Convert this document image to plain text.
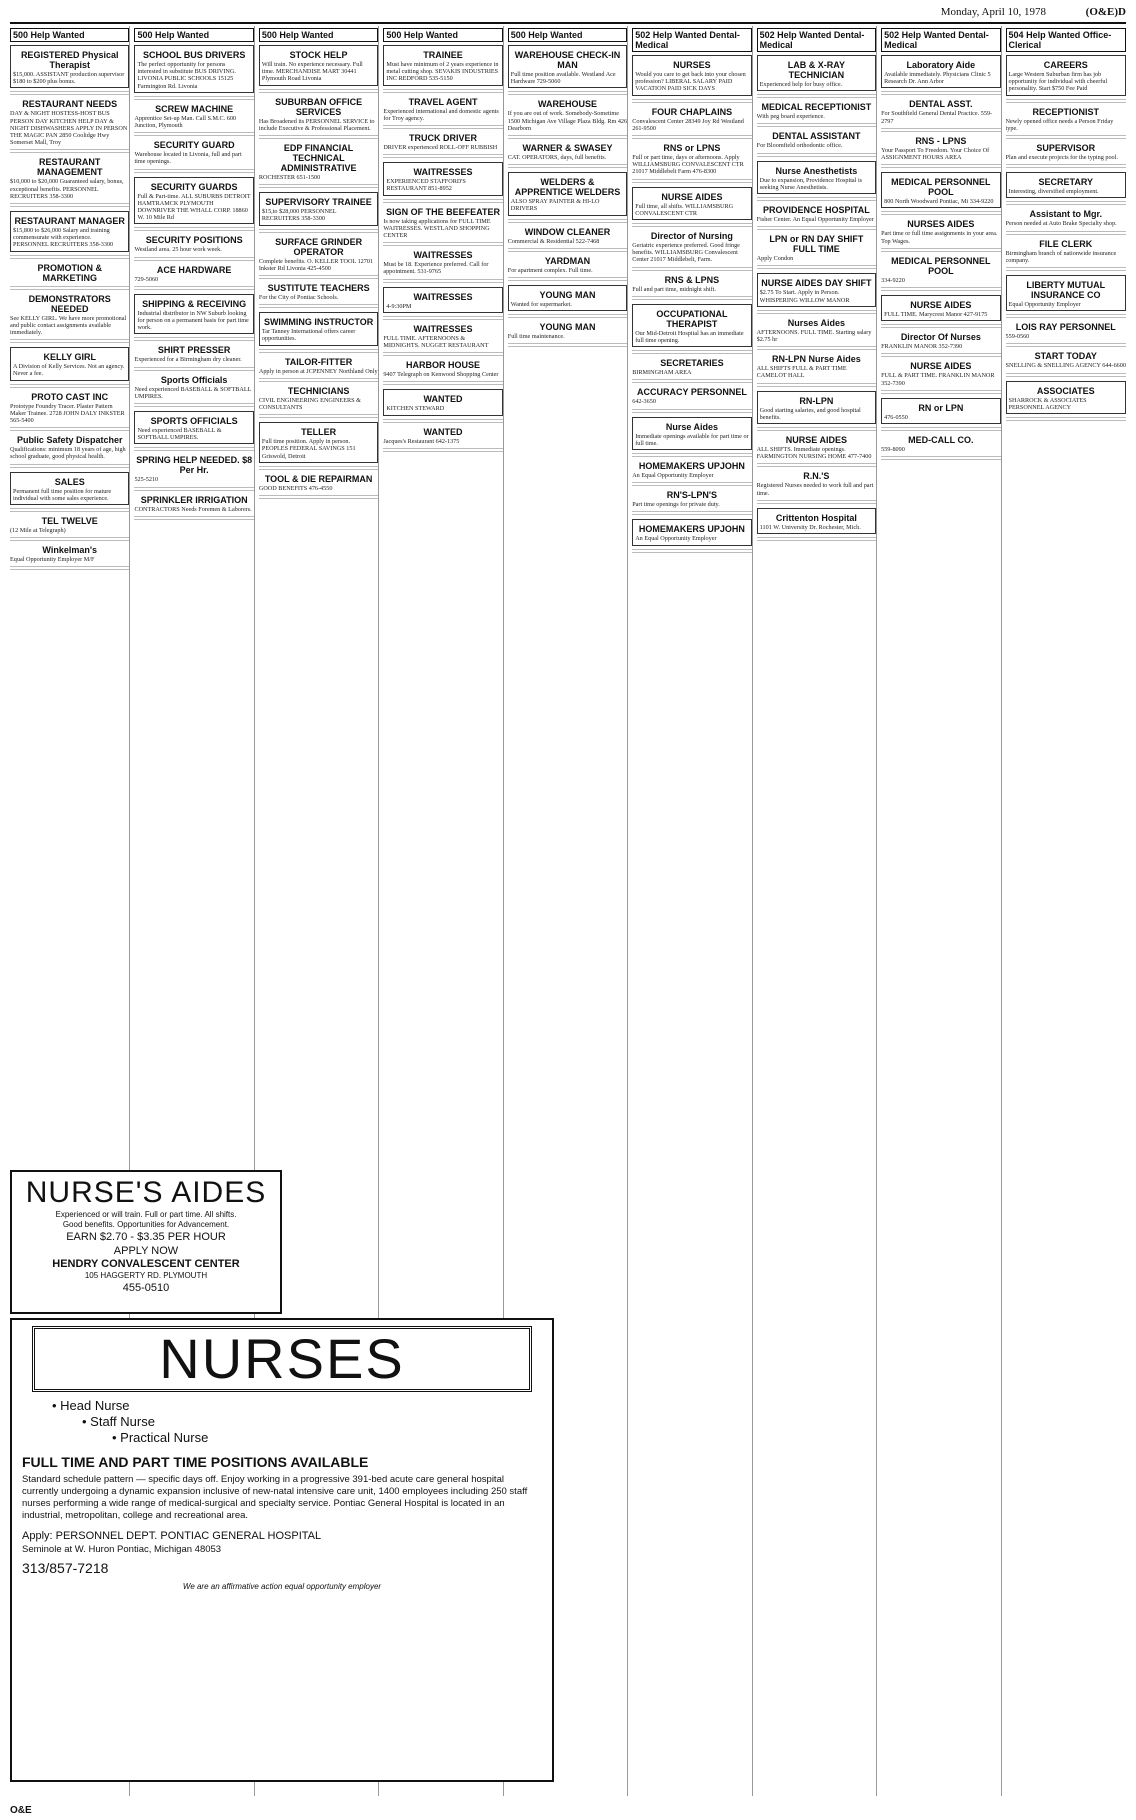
Monday, April 10, 1978	(O&E)D
500 Help Wanted
REGISTERED Physical Therapist
$15,000. ASSISTANT production supervisor $180 to $200 plus bonus.
RESTAURANT NEEDS
DAY & NIGHT HOSTESS-HOST BUS PERSON DAY KITCHEN HELP DAY & NIGHT DISHWASHERS APPLY IN PERSON THE MAGIC PAN 2850 Coolidge Hwy Somerset Mall, Troy
RESTAURANT MANAGEMENT
$10,000 to $20,000 Guaranteed salary, bonus, exceptional benefits. PERSONNEL RECRUITERS 358-3300
RESTAURANT MANAGER
$15,800 to $26,000 Salary and training commensurate with experience. PERSONNEL RECRUITERS 358-3300
PROMOTION & MARKETING
DEMONSTRATORS NEEDED
See KELLY GIRL. We have more promotional and public contact assignments available immediately.
KELLY GIRL
A Division of Kelly Services. Not an agency. Never a fee.
PROTO CAST INC
Prototype Foundry Tracer. Plaster Pattern Maker Trainee. 2728 JOHN DALY INKSTER 565-5400
Public Safety Dispatcher
Qualifications: minimum 18 years of age, high school graduate, good physical health.
SALES
Permanent full time position for mature individual with some sales experience.
TEL TWELVE
(12 Mile at Telegraph)
Winkelman's
Equal Opportunity Employer M/F
500 Help Wanted
SCHOOL BUS DRIVERS
The perfect opportunity for persons interested in substitute BUS DRIVING. LIVONIA PUBLIC SCHOOLS 15125 Farmington Rd. Livonia
SCREW MACHINE
Apprentice Set-up Man. Call S.M.C. 600 Junction, Plymouth
SECURITY GUARD
Warehouse located in Livonia, full and part time openings.
SECURITY GUARDS
Full & Part-time. ALL SUBURBS DETROIT HAMTRAMCK PLYMOUTH DOWNRIVER THE WHALL CORP. 18860 W. 10 Mile Rd
SECURITY POSITIONS
Westland area. 25 hour work week.
ACE HARDWARE
729-5060
SHIPPING & RECEIVING
Industrial distributor in NW Suburb looking for person on a permanent basis for part time work.
SHIRT PRESSER
Experienced for a Birmingham dry cleaner.
Sports Officials
Need experienced BASEBALL & SOFTBALL UMPIRES.
SPORTS OFFICIALS
Need experienced BASEBALL & SOFTBALL UMPIRES.
SPRING HELP NEEDED. $8 Per Hr.
525-5210
SPRINKLER IRRIGATION
CONTRACTORS Needs Foremen & Laborers.
500 Help Wanted
STOCK HELP
Will train. No experience necessary. Full time. MERCHANDISE MART 30441 Plymouth Road Livonia
SUBURBAN OFFICE SERVICES
Has Broadened its PERSONNEL SERVICE to include Executive & Professional Placement.
EDP FINANCIAL TECHNICAL ADMINISTRATIVE
ROCHESTER 651-1500
SUPERVISORY TRAINEE
$15,to $28,000 PERSONNEL RECRUITERS 358-3300
SURFACE GRINDER OPERATOR
Complete benefits. O. KELLER TOOL 12701 Inkster Rd Livonia 425-4500
SUSTITUTE TEACHERS
For the City of Pontiac Schools.
SWIMMING INSTRUCTOR
Tar Tanney International offers career opportunities.
TAILOR-FITTER
Apply in person at JCPENNEY Northland Only
TECHNICIANS
CIVIL ENGINEERING ENGINEERS & CONSULTANTS
TELLER
Full time position. Apply in person. PEOPLES FEDERAL SAVINGS 151 Griswold, Detroit
TOOL & DIE REPAIRMAN
GOOD BENEFITS 476-4550
500 Help Wanted
TRAINEE
Must have minimum of 2 years experience in metal cutting shop. SEVAKIS INDUSTRIES INC REDFORD 535-5150
TRAVEL AGENT
Experienced international and domestic agents for Troy agency.
TRUCK DRIVER
DRIVER experienced ROLL-OFF RUBBISH
WAITRESSES
EXPERIENCED STAFFORD'S RESTAURANT 851-8952
SIGN OF THE BEEFEATER
Is now taking applications for FULL TIME WAITRESSES. WESTLAND SHOPPING CENTER
WAITRESSES
Must be 18. Experience preferred. Call for appointment. 531-9765
WAITRESSES
4-9:30PM
WAITRESSES
FULL TIME. AFTERNOONS & MIDNIGHTS. NUGGET RESTAURANT
HARBOR HOUSE
9407 Telegraph on Kenwood Shopping Center
WANTED
KITCHEN STEWARD
WANTED
Jacques's Restaurant 642-1375
500 Help Wanted
WAREHOUSE CHECK-IN MAN
Full time position available. Westland Ace Hardware 729-5060
WAREHOUSE
If you are out of work. Somebody-Sometime 1500 Michigan Ave Village Plaza Bldg. Rm 426 Dearborn
WARNER & SWASEY
CAT. OPERATORS, days, full benefits.
WELDERS & APPRENTICE WELDERS
ALSO SPRAY PAINTER & HI-LO DRIVERS
WINDOW CLEANER
Commercial & Residential 522-7468
YARDMAN
For apartment complex. Full time.
YOUNG MAN
Wanted for supermarket.
YOUNG MAN
Full time maintenance.
502 Help Wanted Dental-Medical
NURSES
Would you care to get back into your chosen profession? LIBERAL SALARY PAID VACATION PAID SICK DAYS
FOUR CHAPLAINS
Convalescent Center 28349 Joy Rd Westland 261-9500
RNS or LPNS
Full or part time, days or afternoons. Apply WILLIAMSBURG CONVALESCENT CTR 21017 Middlebelt Farm 476-8300
NURSE AIDES
Full time, all shifts. WILLIAMSBURG CONVALESCENT CTR
Director of Nursing
Geriatric experience preferred. Good fringe benefits. WILLIAMSBURG Convalescent Center 21017 Middlebelt, Farm.
RNS & LPNS
Full and part time, midnight shift.
OCCUPATIONAL THERAPIST
Our Mid-Detroit Hospital has an immediate full time opening.
SECRETARIES
BIRMINGHAM AREA
ACCURACY PERSONNEL
642-3650
Nurse Aides
Immediate openings available for part time or full time.
HOMEMAKERS UPJOHN
An Equal Opportunity Employer
RN'S-LPN'S
Part time openings for private duty.
HOMEMAKERS UPJOHN
An Equal Opportunity Employer
502 Help Wanted Dental-Medical
LAB & X-RAY TECHNICIAN
Experienced help for busy office.
MEDICAL RECEPTIONIST
With peg board experience.
DENTAL ASSISTANT
For Bloomfield orthodontic office.
Nurse Anesthetists
Due to expansion, Providence Hospital is seeking Nurse Anesthetists.
PROVIDENCE HOSPITAL
Fisher Center. An Equal Opportunity Employer
LPN or RN DAY SHIFT FULL TIME
Apply Condon
NURSE AIDES DAY SHIFT
$2.75 To Start. Apply in Person. WHISPERING WILLOW MANOR
Nurses Aides
AFTERNOONS. FULL TIME. Starting salary $2.75 hr
RN-LPN Nurse Aides
ALL SHIFTS FULL & PART TIME CAMELOT HALL
RN-LPN
Good starting salaries, and good hospital benefits.
NURSE AIDES
ALL SHIFTS. Immediate openings. FARMINGTON NURSING HOME 477-7400
R.N.'S
Registered Nurses needed to work full and part time.
Crittenton Hospital
1101 W. University Dr. Rochester, Mich.
502 Help Wanted Dental-Medical
Laboratory Aide
Available immediately. Physicians Clinic 5 Research Dr. Ann Arbor
DENTAL ASST.
For Southfield General Dental Practice. 559-2797
RNS - LPNS
Your Passport To Freedom. Your Choice Of ASSIGNMENT HOURS AREA
MEDICAL PERSONNEL POOL
800 North Woodward Pontiac, Mi 334-9220
NURSES AIDES
Part time or full time assignments in your area. Top Wages.
MEDICAL PERSONNEL POOL
334-9220
NURSE AIDES
FULL TIME. Marycrest Manor 427-9175
Director Of Nurses
FRANKLIN MANOR 352-7390
NURSE AIDES
FULL & PART TIME. FRANKLIN MANOR 352-7390
RN or LPN
476-0550
MED-CALL CO.
559-8090
504 Help Wanted Office-Clerical
CAREERS
Large Western Suburban firm has job opportunity for individual with cheerful personality. Start $750 Fee Paid
RECEPTIONIST
Newly opened office needs a Person Friday type.
SUPERVISOR
Plan and execute projects for the typing pool.
SECRETARY
Interesting, diversified employment.
Assistant to Mgr.
Person needed at Auto Brake Specialty shop.
FILE CLERK
Birmingham branch of nationwide insurance company.
LIBERTY MUTUAL INSURANCE CO
Equal Opportunity Employer
LOIS RAY PERSONNEL
559-0560
START TODAY
SNELLING & SNELLING AGENCY 644-6600
ASSOCIATES
SHARROCK & ASSOCIATES PERSONNEL AGENCY
NURSE'S AIDES
Experienced or will train. Full or part time. All shifts.
Good benefits. Opportunities for Advancement.
EARN $2.70 - $3.35 PER HOUR
APPLY NOW
HENDRY CONVALESCENT CENTER
105 HAGGERTY RD. PLYMOUTH
455-0510
NURSES
• Head Nurse
• Staff Nurse
• Practical Nurse
FULL TIME AND PART TIME POSITIONS AVAILABLE
Standard schedule pattern — specific days off. Enjoy working in a progressive 391-bed acute care general hospital currently undergoing a dynamic expansion inclusive of new-natal intensive care unit, 1400 employees including 250 staff nurses performing a wide range of medical-surgical and specialty service. Pontiac General Hospital is located in an industrial, metropolitan, college and recreational area.
Apply: PERSONNEL DEPT. PONTIAC GENERAL HOSPITAL
Seminole at W. Huron Pontiac, Michigan 48053
313/857-7218
We are an affirmative action equal opportunity employer
O&E
